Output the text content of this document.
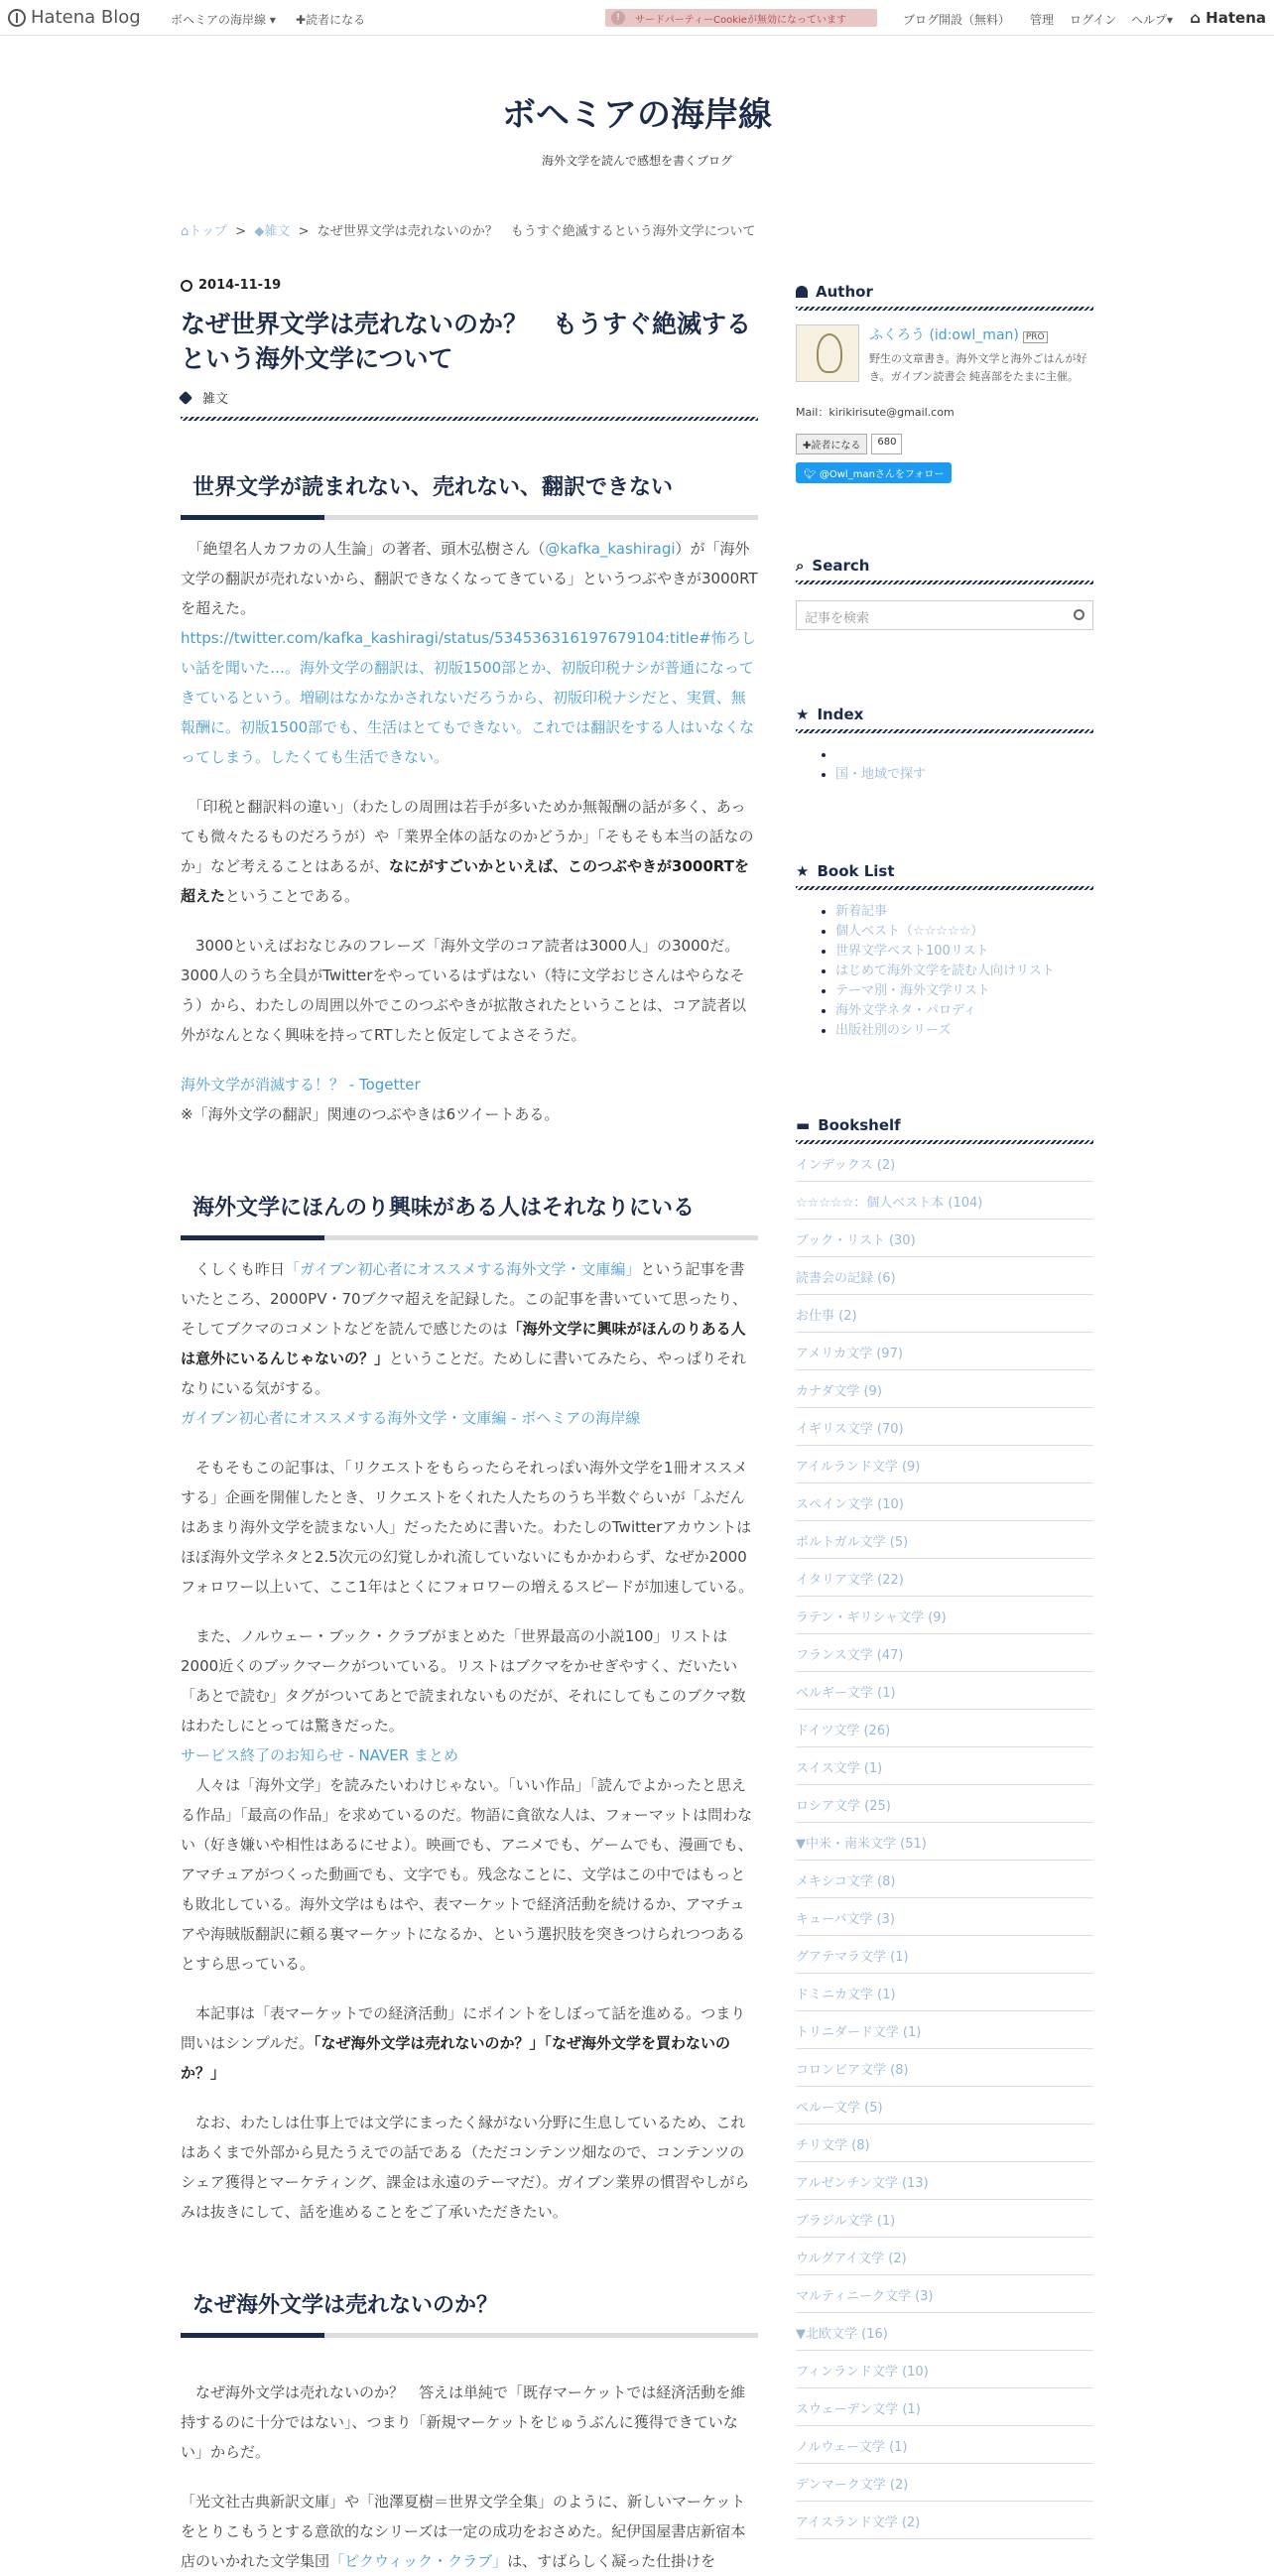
Hatena Blog	ボヘミアの海岸線 ▾ ✚読者になる	!	サードパーティーCookieが無効になっています	ブログ開設（無料） 管理 ログイン ヘルプ▾ ⌂ Hatena
ボヘミアの海岸線
海外文学を読んで感想を書くブログ
⌂トップ > ◆雑文 > なぜ世界文学は売れないのか？　もうすぐ絶滅するという海外文学について
2014-11-19
なぜ世界文学は売れないのか？　もうすぐ絶滅するという海外文学について
雑文
世界文学が読まれない、売れない、翻訳できない
　「絶望名人カフカの人生論」の著者、頭木弘樹さん（@kafka_kashiragi）が「海外文学の翻訳が売れないから、翻訳できなくなってきている」というつぶやきが3000RTを超えた。
https://twitter.com/kafka_kashiragi/status/534536316197679104:title#怖ろしい話を聞いた…。海外文学の翻訳は、初版1500部とか、初版印税ナシが普通になってきているという。増刷はなかなかされないだろうから、初版印税ナシだと、実質、無報酬に。初版1500部でも、生活はとてもできない。これでは翻訳をする人はいなくなってしまう。したくても生活できない。
　「印税と翻訳料の違い」（わたしの周囲は若手が多いためか無報酬の話が多く、あっても微々たるものだろうが）や「業界全体の話なのかどうか」「そもそも本当の話なのか」など考えることはあるが、なにがすごいかといえば、このつぶやきが3000RTを超えたということである。
　3000といえばおなじみのフレーズ「海外文学のコア読者は3000人」の3000だ。3000人のうち全員がTwitterをやっているはずはない（特に文学おじさんはやらなそう）から、わたしの周囲以外でこのつぶやきが拡散されたということは、コア読者以外がなんとなく興味を持ってRTしたと仮定してよさそうだ。
海外文学が消滅する！？ - Togetter
※「海外文学の翻訳」関連のつぶやきは6ツイートある。
海外文学にほんのり興味がある人はそれなりにいる
　くしくも昨日「ガイブン初心者にオススメする海外文学・文庫編」という記事を書いたところ、2000PV・70ブクマ超えを記録した。この記事を書いていて思ったり、そしてブクマのコメントなどを読んで感じたのは「海外文学に興味がほんのりある人は意外にいるんじゃないの？」ということだ。ためしに書いてみたら、やっぱりそれなりにいる気がする。
ガイブン初心者にオススメする海外文学・文庫編 - ボヘミアの海岸線
　そもそもこの記事は、「リクエストをもらったらそれっぽい海外文学を1冊オススメする」企画を開催したとき、リクエストをくれた人たちのうち半数ぐらいが「ふだんはあまり海外文学を読まない人」だったために書いた。わたしのTwitterアカウントはほぼ海外文学ネタと2.5次元の幻覚しかれ流していないにもかかわらず、なぜか2000フォロワー以上いて、ここ1年はとくにフォロワーの増えるスピードが加速している。
　また、ノルウェー・ブック・クラブがまとめた「世界最高の小説100」リストは2000近くのブックマークがついている。リストはブクマをかせぎやすく、だいたい「あとで読む」タグがついてあとで読まれないものだが、それにしてもこのブクマ数はわたしにとっては驚きだった。
サービス終了のお知らせ - NAVER まとめ
　人々は「海外文学」を読みたいわけじゃない。「いい作品」「読んでよかったと思える作品」「最高の作品」を求めているのだ。物語に貪欲な人は、フォーマットは問わない（好き嫌いや相性はあるにせよ）。映画でも、アニメでも、ゲームでも、漫画でも、アマチュアがつくった動画でも、文字でも。残念なことに、文学はこの中ではもっとも敗北している。海外文学はもはや、表マーケットで経済活動を続けるか、アマチュアや海賊版翻訳に頼る裏マーケットになるか、という選択肢を突きつけられつつあるとすら思っている。
　本記事は「表マーケットでの経済活動」にポイントをしぼって話を進める。つまり問いはシンプルだ。「なぜ海外文学は売れないのか？」「なぜ海外文学を買わないのか？」
　なお、わたしは仕事上では文学にまったく縁がない分野に生息しているため、これはあくまで外部から見たうえでの話である（ただコンテンツ畑なので、コンテンツのシェア獲得とマーケティング、課金は永遠のテーマだ）。ガイブン業界の慣習やしがらみは抜きにして、話を進めることをご了承いただきたい。
なぜ海外文学は売れないのか？
　なぜ海外文学は売れないのか？　答えは単純で「既存マーケットでは経済活動を維持するのに十分ではない」、つまり「新規マーケットをじゅうぶんに獲得できていない」からだ。
「光文社古典新訳文庫」や「池澤夏樹＝世界文学全集」のように、新しいマーケットをとりこもうとする意欲的なシリーズは一定の成功をおさめた。紀伊国屋書店新宿本店のいかれた文学集団「ピクウィック・クラブ」は、すばらしく凝った仕掛けを
Author
ふくろう (id:owl_man) PRO
野生の文章書き。海外文学と海外ごはんが好き。ガイブン読書会 純喜部をたまに主催。
Mail：kirikirisute@gmail.com
✚読者になる	680
🐦︎ @Owl_manさんをフォロー
⌕ Search
記事を検索
★ Index
•
• 国・地域で探す
★ Book List
• 新着記事
• 個人ベスト（☆☆☆☆☆）
• 世界文学ベスト100リスト
• はじめて海外文学を読む人向けリスト
• テーマ別・海外文学リスト
• 海外文学ネタ・パロディ
• 出版社別のシリーズ
▬ Bookshelf
インデックス (2)
☆☆☆☆☆：個人ベスト本 (104)
ブック・リスト (30)
読書会の記録 (6)
お仕事 (2)
アメリカ文学 (97)
カナダ文学 (9)
イギリス文学 (70)
アイルランド文学 (9)
スペイン文学 (10)
ポルトガル文学 (5)
イタリア文学 (22)
ラテン・ギリシャ文学 (9)
フランス文学 (47)
ベルギー文学 (1)
ドイツ文学 (26)
スイス文学 (1)
ロシア文学 (25)
▼中米・南米文学 (51)
メキシコ文学 (8)
キューバ文学 (3)
グアテマラ文学 (1)
ドミニカ文学 (1)
トリニダード文学 (1)
コロンビア文学 (8)
ペルー文学 (5)
チリ文学 (8)
アルゼンチン文学 (13)
ブラジル文学 (1)
ウルグアイ文学 (2)
マルティニーク文学 (3)
▼北欧文学 (16)
フィンランド文学 (10)
スウェーデン文学 (1)
ノルウェー文学 (1)
デンマーク文学 (2)
アイスランド文学 (2)
